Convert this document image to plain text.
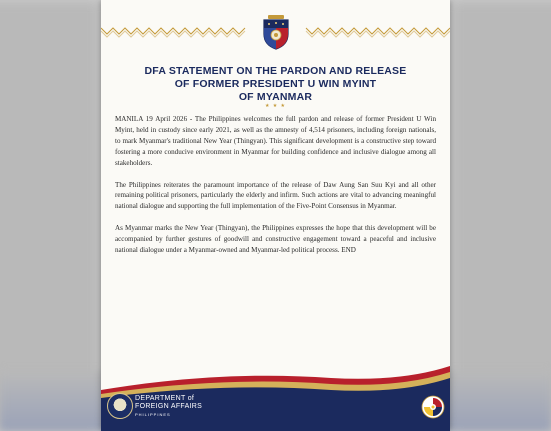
DFA STATEMENT ON THE PARDON AND RELEASE
OF FORMER PRESIDENT U WIN MYINT
OF MYANMAR
★ ★ ★

MANILA 19 April 2026 - The Philippines welcomes the full pardon and release of former President U Win Myint, held in custody since early 2021, as well as the amnesty of 4,514 prisoners, including foreign nationals, to mark Myanmar's traditional New Year (Thingyan). This significant development is a constructive step toward fostering a more conducive environment in Myanmar for building confidence and inclusive dialogue among all stakeholders.

The Philippines reiterates the paramount importance of the release of Daw Aung San Suu Kyi and all other remaining political prisoners, particularly the elderly and infirm. Such actions are vital to advancing meaningful national dialogue and supporting the full implementation of the Five-Point Consensus in Myanmar.

As Myanmar marks the New Year (Thingyan), the Philippines expresses the hope that this development will be accompanied by further gestures of goodwill and constructive engagement toward a peaceful and inclusive national dialogue under a Myanmar-owned and Myanmar-led political process. END

DEPARTMENT of
FOREIGN AFFAIRS
PHILIPPINES
